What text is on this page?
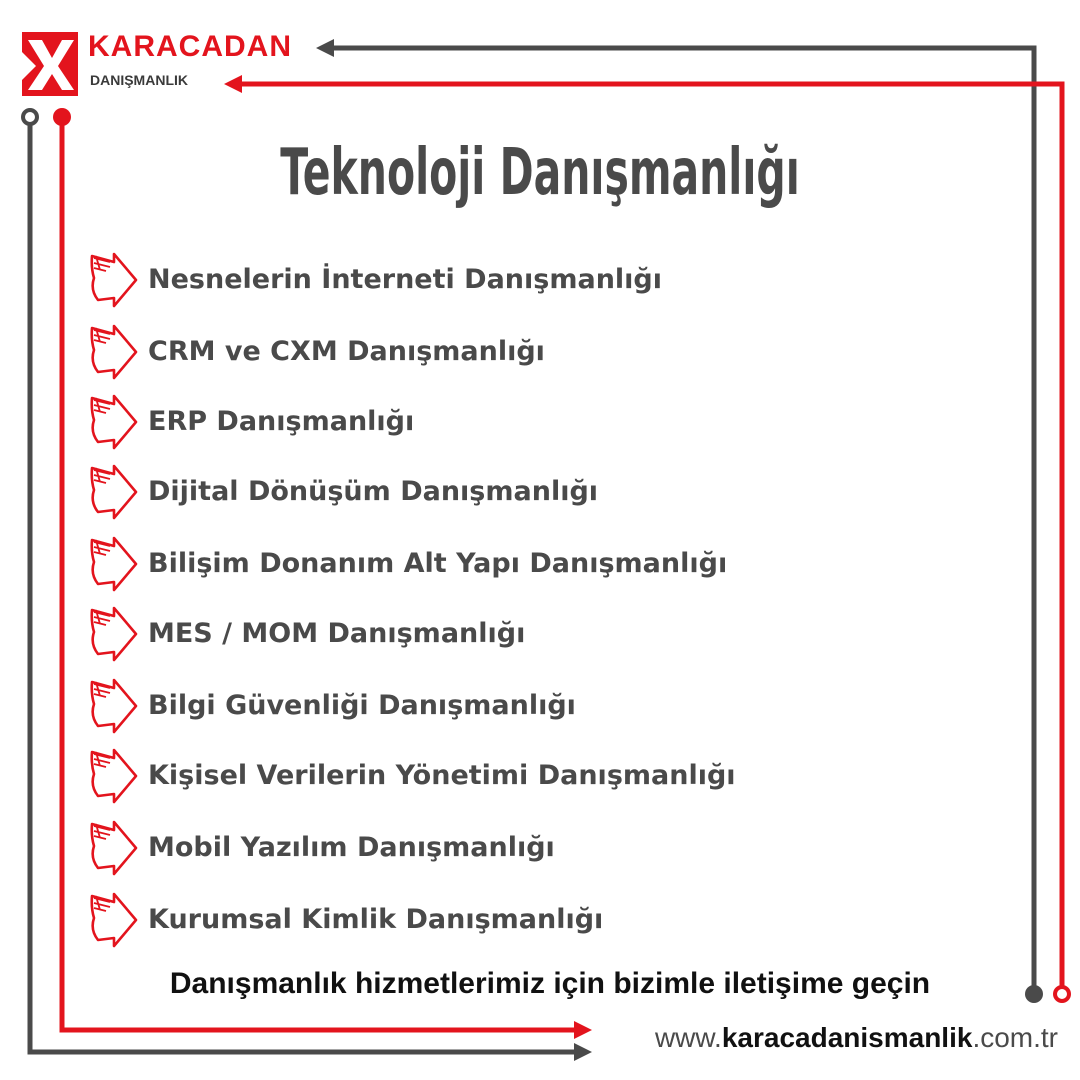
KARACADAN
DANIŞMANLIK
Teknoloji Danışmanlığı
Nesnelerin İnterneti Danışmanlığı
CRM ve CXM Danışmanlığı
ERP Danışmanlığı
Dijital Dönüşüm Danışmanlığı
Bilişim Donanım Alt Yapı Danışmanlığı
MES / MOM Danışmanlığı
Bilgi Güvenliği Danışmanlığı
Kişisel Verilerin Yönetimi Danışmanlığı
Mobil Yazılım Danışmanlığı
Kurumsal Kimlik Danışmanlığı
Danışmanlık hizmetlerimiz için bizimle iletişime geçin
www.karacadanismanlik.com.tr
